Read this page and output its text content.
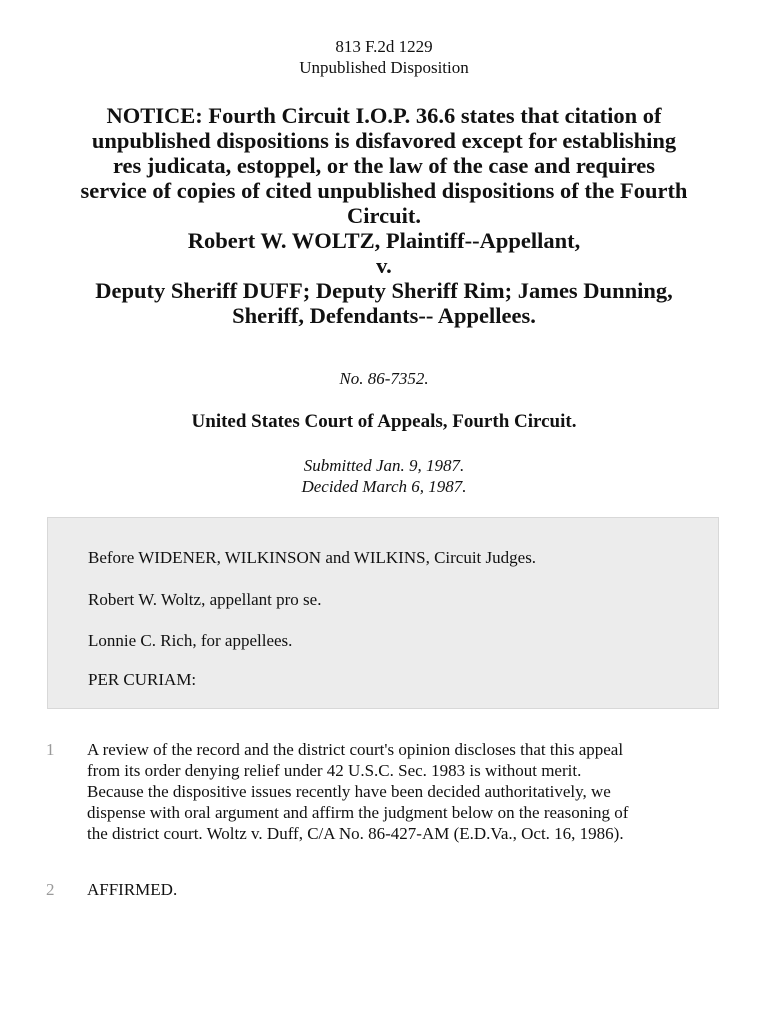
813 F.2d 1229
Unpublished Disposition
NOTICE: Fourth Circuit I.O.P. 36.6 states that citation of
unpublished dispositions is disfavored except for establishing
res judicata, estoppel, or the law of the case and requires
service of copies of cited unpublished dispositions of the Fourth
Circuit.
Robert W. WOLTZ, Plaintiff--Appellant,
v.
Deputy Sheriff DUFF; Deputy Sheriff Rim; James Dunning,
Sheriff, Defendants-- Appellees.
No. 86-7352.
United States Court of Appeals, Fourth Circuit.
Submitted Jan. 9, 1987.
Decided March 6, 1987.

Before WIDENER, WILKINSON and WILKINS, Circuit Judges.

Robert W. Woltz, appellant pro se.

Lonnie C. Rich, for appellees.

PER CURIAM:

1 A review of the record and the district court's opinion discloses that this appeal
from its order denying relief under 42 U.S.C. Sec. 1983 is without merit.
Because the dispositive issues recently have been decided authoritatively, we
dispense with oral argument and affirm the judgment below on the reasoning of
the district court. Woltz v. Duff, C/A No. 86-427-AM (E.D.Va., Oct. 16, 1986).
2 AFFIRMED.
